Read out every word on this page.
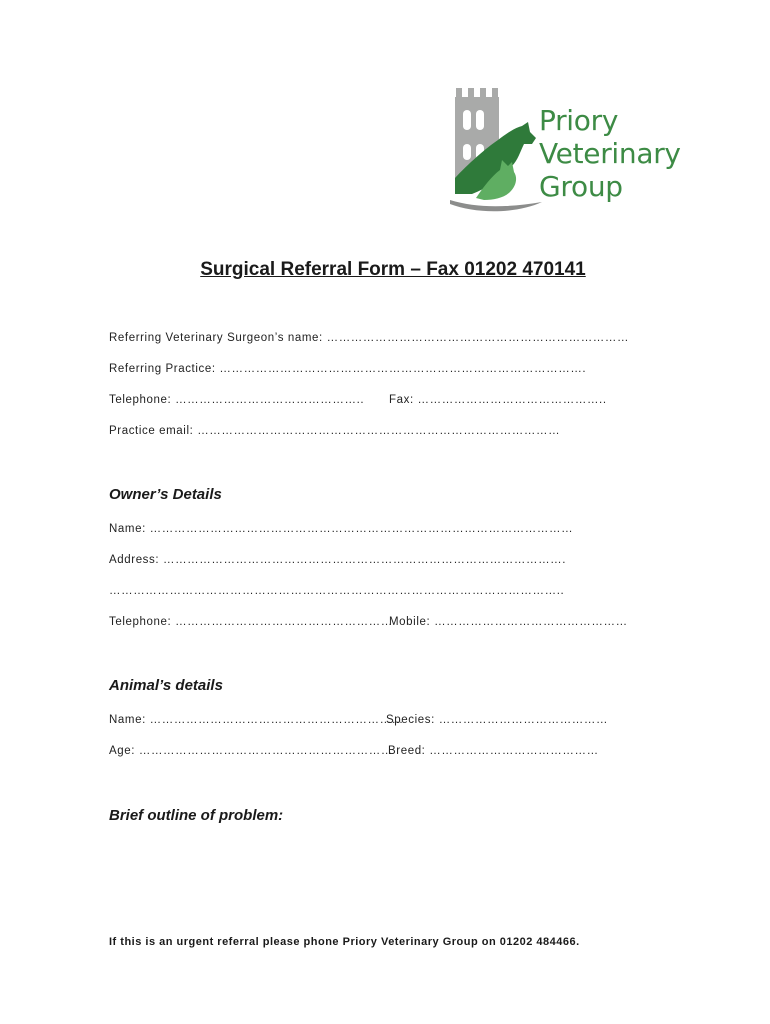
Priory
Veterinary
Group
Surgical Referral Form – Fax 01202 470141
Referring Veterinary Surgeon’s name: …………………………………………………………………
Referring Practice: ……………………………………………………………………………….
Telephone: ……………………………………….. Fax: ………………………………………..
Practice email: ………………………………………………………………………………
Owner’s Details
Name: ……………………………………………………………………………………………
Address: ……………………………………………………………………………………….
…………………………………………………………………………………………………..
Telephone: ………………………………………………
Mobile: …………………………………………
Animal’s details
Name: ………………………………………………………
Species: ……………………………………
Age: ………………………………………………………
Breed: ……………………………………
Brief outline of problem:
If this is an urgent referral please phone Priory Veterinary Group on 01202 484466.
